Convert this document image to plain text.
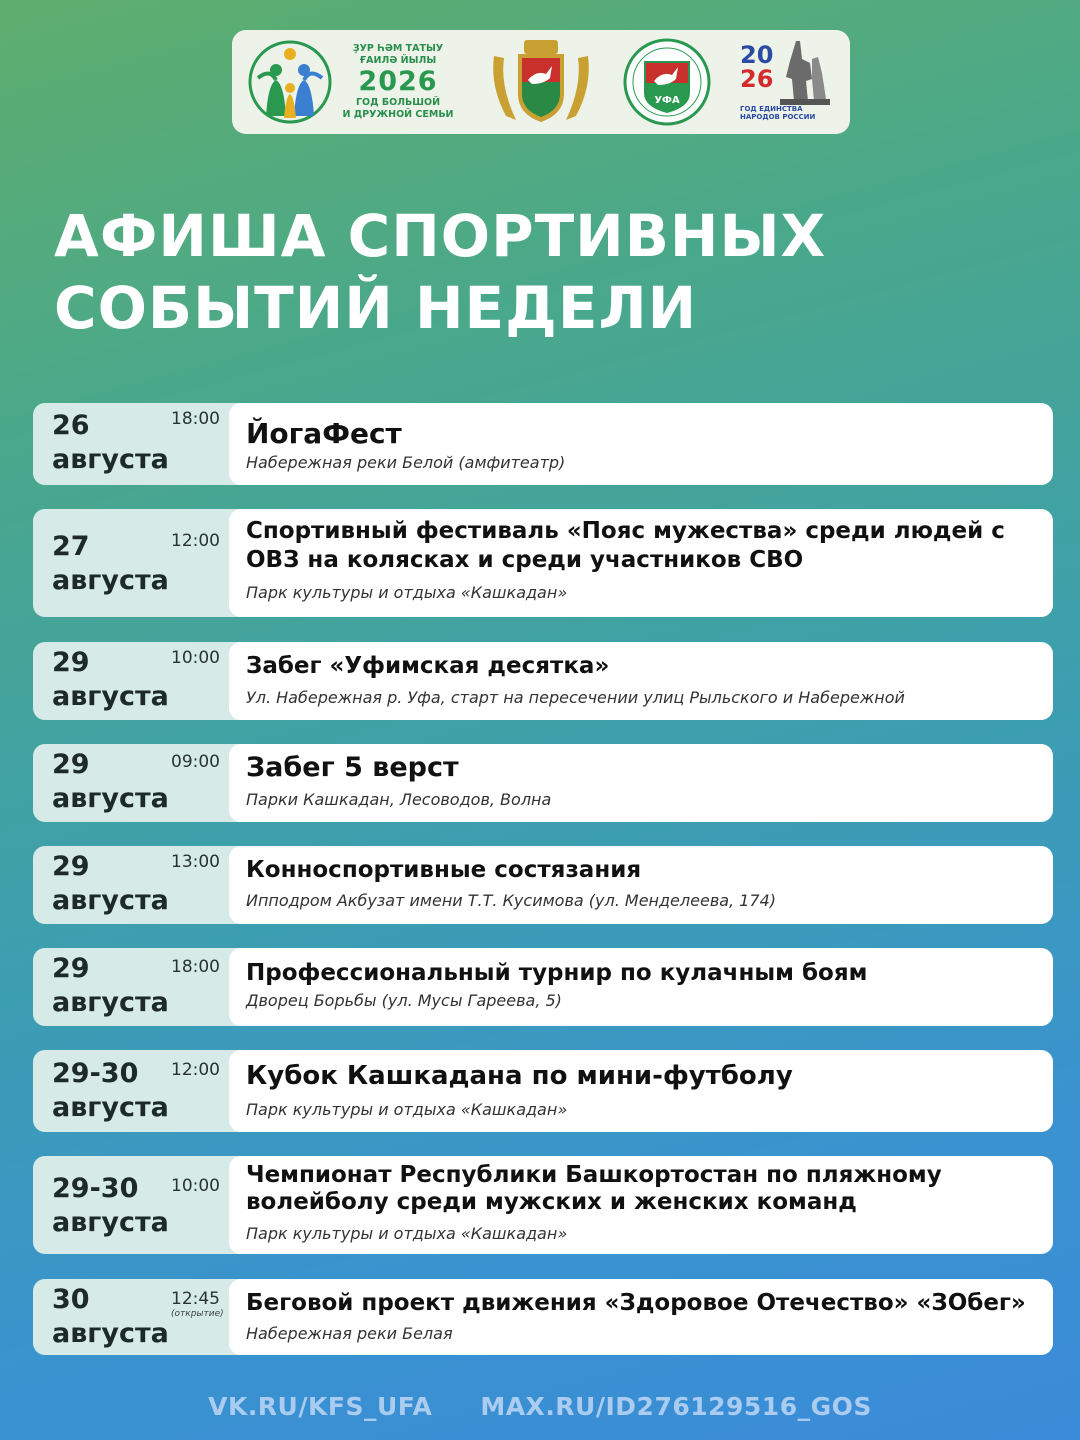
ҘУР ҺӘМ ТАТЫУ
ҒАИЛӘ ЙЫЛЫ
2026
ГОД БОЛЬШОЙ
И ДРУЖНОЙ СЕМЬИ
УФА
20
26
ГОД ЕДИНСТВА НАРОДОВ РОССИИ
АФИША СПОРТИВНЫХ
СОБЫТИЙ НЕДЕЛИ
26
августа
18:00 ЙогаФест
Набережная реки Белой (амфитеатр)
27
августа
12:00 Спортивный фестиваль «Пояс мужества» среди людей с ОВЗ на колясках и среди участников СВО
Парк культуры и отдыха «Кашкадан»
29
августа
10:00 Забег «Уфимская десятка»
Ул. Набережная р. Уфа, старт на пересечении улиц Рыльского и Набережной
29
августа
09:00 Забег 5 верст
Парки Кашкадан, Лесоводов, Волна
29
августа
13:00 Конноспортивные состязания
Ипподром Акбузат имени Т.Т. Кусимова (ул. Менделеева, 174)
29
августа
18:00 Профессиональный турнир по кулачным боям
Дворец Борьбы (ул. Мусы Гареева, 5)
29-30
августа
12:00 Кубок Кашкадана по мини-футболу
Парк культуры и отдыха «Кашкадан»
29-30
августа
10:00 Чемпионат Республики Башкортостан по пляжному волейболу среди мужских и женских команд
Парк культуры и отдыха «Кашкадан»
30
августа
12:45
(открытие) Беговой проект движения «Здоровое Отечество» «ЗОбег»
Набережная реки Белая
VK.RU/KFS_UFA MAX.RU/ID276129516_GOS
